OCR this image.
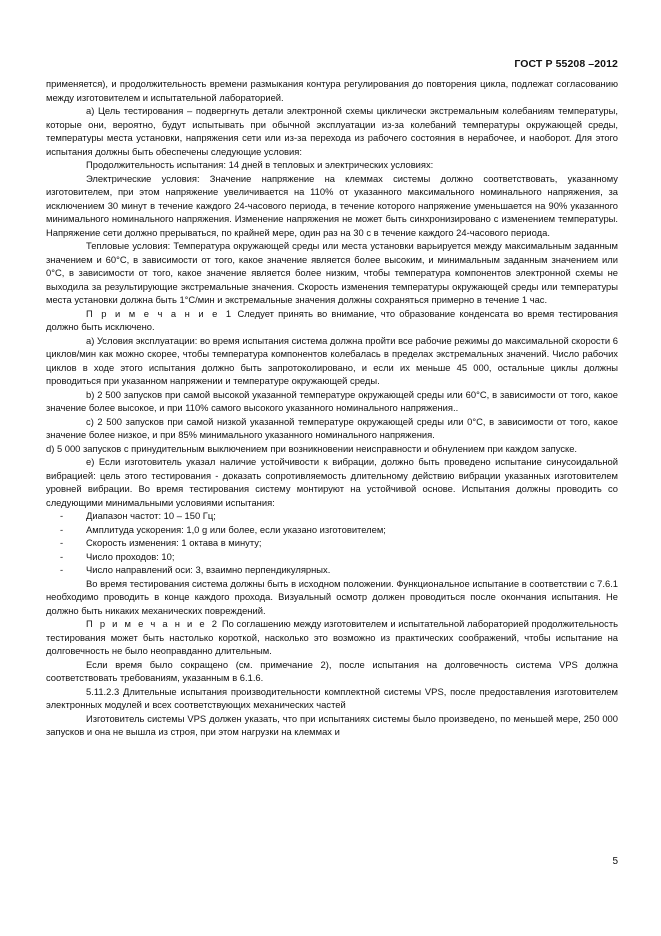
ГОСТ Р 55208 –2012

применяется), и продолжительность времени размыкания контура регулирования до повторения цикла, подлежат согласованию между изготовителем и испытательной лабораторией.

а) Цель тестирования – подвергнуть детали электронной схемы циклически экстремальным колебаниям температуры, которые они, вероятно, будут испытывать при обычной эксплуатации из-за колебаний температуры окружающей среды, температуры места установки, напряжения сети или из-за перехода из рабочего состояния в нерабочее, и наоборот. Для этого испытания должны быть обеспечены следующие условия:

Продолжительность испытания: 14 дней в тепловых и электрических условиях:

Электрические условия: Значение напряжение на клеммах системы должно соответствовать, указанному изготовителем, при этом напряжение увеличивается на 110% от указанного максимального номинального напряжения, за исключением 30 минут в течение каждого 24-часового периода, в течение которого напряжение уменьшается на 90% указанного минимального номинального напряжения. Изменение напряжения не может быть синхронизировано с изменением температуры. Напряжение сети должно прерываться, по крайней мере, один раз на 30 с в течение каждого 24-часового периода.

Тепловые условия: Температура окружающей среды или места установки варьируется между максимальным заданным значением и 60°С, в зависимости от того, какое значение является более высоким, и минимальным заданным значением или 0°С, в зависимости от того, какое значение является более низким, чтобы температура компонентов электронной схемы не выходила за результирующие экстремальные значения. Скорость изменения температуры окружающей среды или температуры места установки должна быть 1°С/мин и экстремальные значения должны сохраняться примерно в течение 1 час.

П р и м е ч а н и е 1 Следует принять во внимание, что образование конденсата во время тестирования должно быть исключено.

а) Условия эксплуатации: во время испытания система должна пройти все рабочие режимы до максимальной скорости 6 циклов/мин как можно скорее, чтобы температура компонентов колебалась в пределах экстремальных значений. Число рабочих циклов в ходе этого испытания должно быть запротоколировано, и если их меньше 45 000, остальные циклы должны проводиться при указанном напряжении и температуре окружающей среды.

b) 2 500 запусков при самой высокой указанной температуре окружающей среды или 60°С, в зависимости от того, какое значение более высокое, и при 110% самого высокого указанного номинального напряжения..

c) 2 500 запусков при самой низкой указанной температуре окружающей среды или 0°С, в зависимости от того, какое значение более низкое, и при 85% минимального указанного номинального напряжения.

d) 5 000 запусков с принудительным выключением при возникновении неисправности и обнулением при каждом запуске.

е) Если изготовитель указал наличие устойчивости к вибрации, должно быть проведено испытание синусоидальной вибрацией: цель этого тестирования - доказать сопротивляемость длительному действию вибрации указанных изготовителем уровней вибрации. Во время тестирования систему монтируют на устойчивой основе. Испытания должны проводить со следующими минимальными условиями испытания:

- Диапазон частот: 10 – 150 Гц;
- Амплитуда ускорения: 1,0 g или более, если указано изготовителем;
- Скорость изменения: 1 октава в минуту;
- Число проходов: 10;
- Число направлений оси: 3, взаимно перпендикулярных.

Во время тестирования система должны быть в исходном положении. Функциональное испытание в соответствии с 7.6.1 необходимо проводить в конце каждого прохода. Визуальный осмотр должен проводиться после окончания испытания. Не должно быть никаких механических повреждений.

П р и м е ч а н и е 2 По соглашению между изготовителем и испытательной лабораторией продолжительность тестирования может быть настолько короткой, насколько это возможно из практических соображений, чтобы испытание на долговечность не было неоправданно длительным.

Если время было сокращено (см. примечание 2), после испытания на долговечность система VPS должна соответствовать требованиям, указанным в 6.1.6.

5.11.2.3 Длительные испытания производительности комплектной системы VPS, после предоставления изготовителем электронных модулей и всех соответствующих механических частей

Изготовитель системы VPS должен указать, что при испытаниях системы было произведено, по меньшей мере, 250 000 запусков и она не вышла из строя, при этом нагрузки на клеммах и

5
